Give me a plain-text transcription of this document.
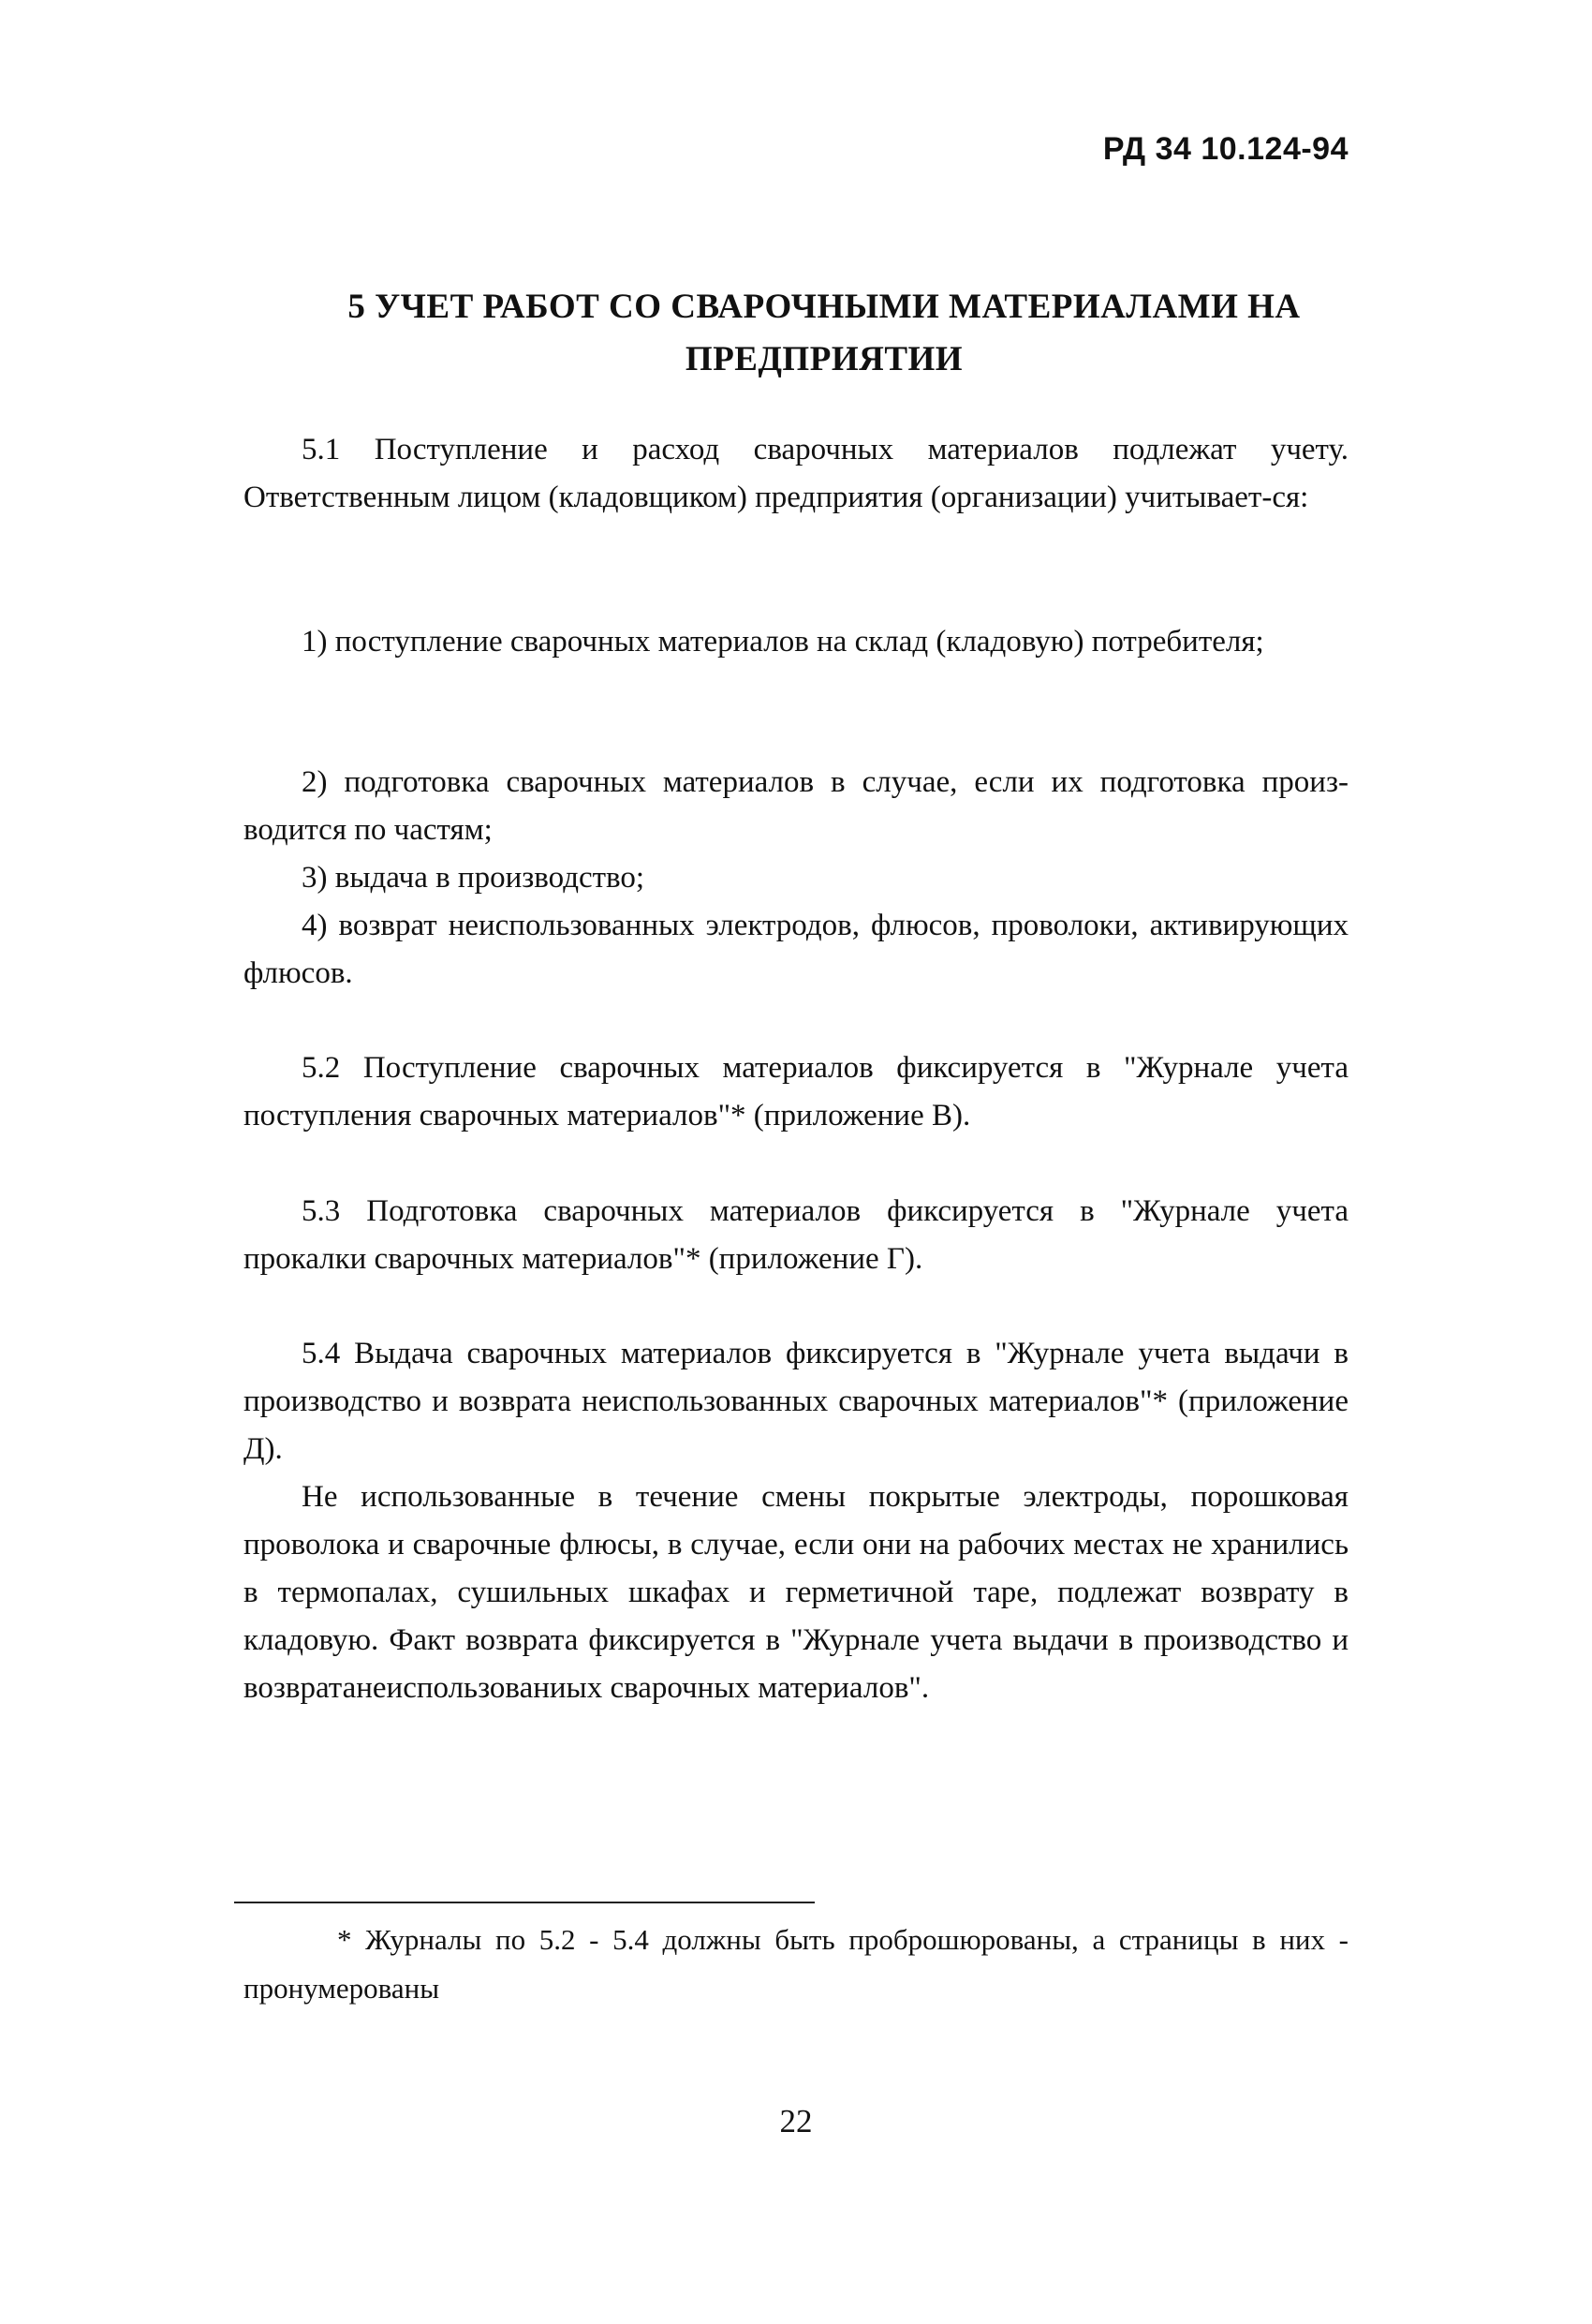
РД 34 10.124-94
5 УЧЕТ РАБОТ СО СВАРОЧНЫМИ МАТЕРИАЛАМИ НА
ПРЕДПРИЯТИИ
5.1 Поступление и расход сварочных материалов подлежат учету. Ответственным лицом (кладовщиком) предприятия (организации) учитывает-ся:
1) поступление сварочных материалов на склад (кладовую) потребителя;
2) подготовка сварочных материалов в случае, если их подготовка произ-водится по частям;
3) выдача в производство;
4) возврат неиспользованных электродов, флюсов, проволоки, активирующих флюсов.
5.2 Поступление сварочных материалов фиксируется в "Журнале учета поступления сварочных материалов"* (приложение В).
5.3 Подготовка сварочных материалов фиксируется в "Журнале учета прокалки сварочных материалов"* (приложение Г).
5.4 Выдача сварочных материалов фиксируется в "Журнале учета выдачи в производство и возврата неиспользованных сварочных материалов"* (приложение Д).
Не использованные в течение смены покрытые электроды, порошковая проволока и сварочные флюсы, в случае, если они на рабочих местах не хранились в термопалах, сушильных шкафах и герметичной таре, подлежат возврату в кладовую. Факт возврата фиксируется в "Журнале учета выдачи в производство и возвратанеиспользованиых сварочных материалов".
* Журналы по 5.2 - 5.4 должны быть пpоброшюрованы, а страницы в них - пронумерованы
22
